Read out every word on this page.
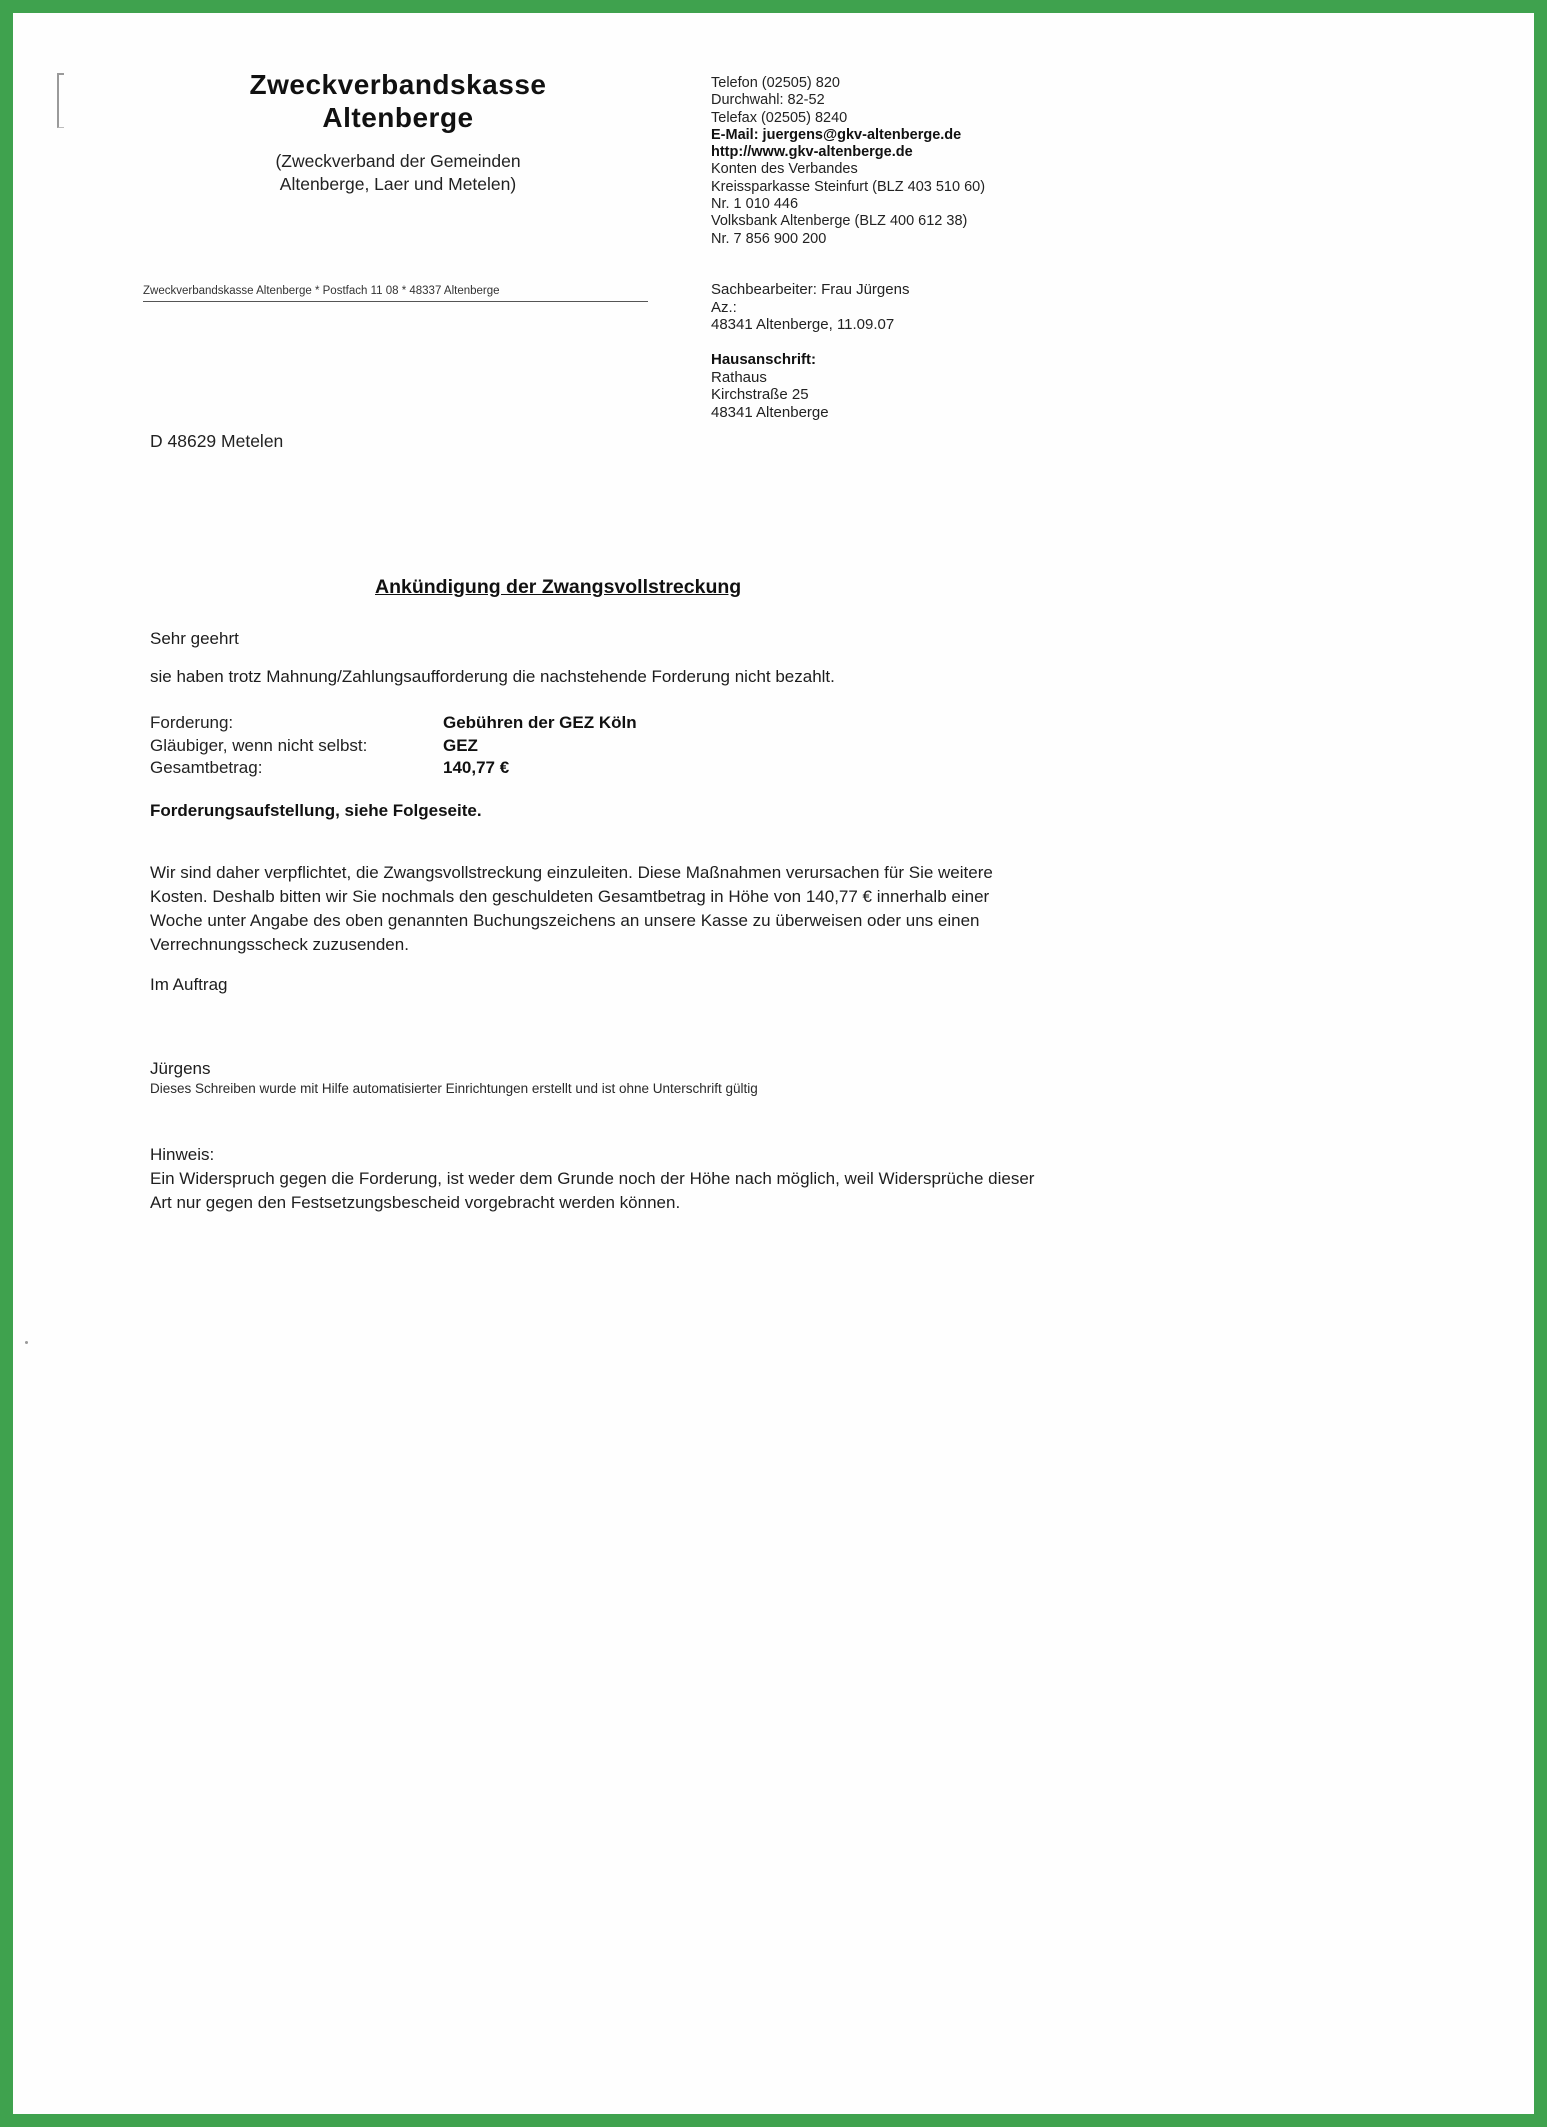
Zweckverbandskasse
Altenberge
(Zweckverband der Gemeinden
Altenberge, Laer und Metelen)
Telefon (02505) 820
Durchwahl: 82-52
Telefax (02505) 8240
E-Mail: juergens@gkv-altenberge.de
http://www.gkv-altenberge.de
Konten des Verbandes
Kreissparkasse Steinfurt (BLZ 403 510 60)
Nr. 1 010 446
Volksbank Altenberge (BLZ 400 612 38)
Nr. 7 856 900 200
Zweckverbandskasse Altenberge * Postfach 11 08 * 48337 Altenberge	Sachbearbeiter: Frau Jürgens
Az.:
48341 Altenberge, 11.09.07
Hausanschrift:
Rathaus
Kirchstraße 25
48341 Altenberge
D 48629 Metelen
Ankündigung der Zwangsvollstreckung
Sehr geehrt
sie haben trotz Mahnung/Zahlungsaufforderung die nachstehende Forderung nicht bezahlt.
Forderung:	Gebühren der GEZ Köln
Gläubiger, wenn nicht selbst:	GEZ
Gesamtbetrag:	140,77 €
Forderungsaufstellung, siehe Folgeseite.
Wir sind daher verpflichtet, die Zwangsvollstreckung einzuleiten. Diese Maßnahmen verursachen für Sie weitere Kosten. Deshalb bitten wir Sie nochmals den geschuldeten Gesamtbetrag in Höhe von 140,77 € innerhalb einer Woche unter Angabe des oben genannten Buchungszeichens an unsere Kasse zu überweisen oder uns einen Verrechnungsscheck zuzusenden.
Im Auftrag
Jürgens
Dieses Schreiben wurde mit Hilfe automatisierter Einrichtungen erstellt und ist ohne Unterschrift gültig
Hinweis:
Ein Widerspruch gegen die Forderung, ist weder dem Grunde noch der Höhe nach möglich, weil Widersprüche dieser Art nur gegen den Festsetzungsbescheid vorgebracht werden können.
